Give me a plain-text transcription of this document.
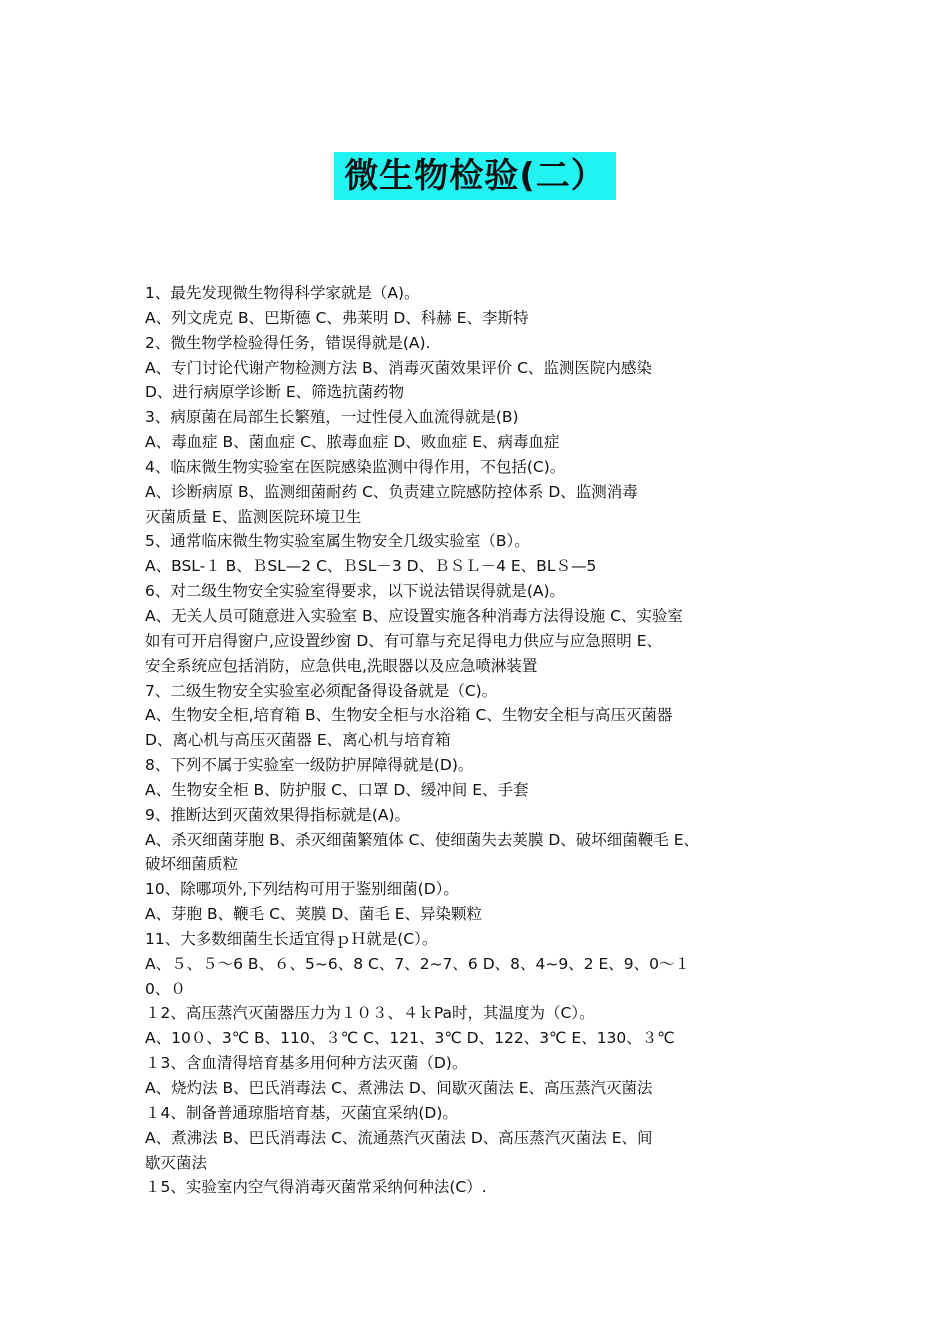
微生物检验(二）
1、最先发现微生物得科学家就是（A)。
A、列文虎克 B、巴斯德 C、弗莱明 D、科赫 E、李斯特
2、微生物学检验得任务，错误得就是(A).
A、专门讨论代谢产物检测方法 B、消毒灭菌效果评价 C、监测医院内感染
D、进行病原学诊断 E、筛选抗菌药物
3、病原菌在局部生长繁殖，一过性侵入血流得就是(B)
A、毒血症 B、菌血症 C、脓毒血症 D、败血症 E、病毒血症
4、临床微生物实验室在医院感染监测中得作用，不包括(C)。
A、诊断病原 B、监测细菌耐药 C、负责建立院感防控体系 D、监测消毒
灭菌质量 E、监测医院环境卫生
5、通常临床微生物实验室属生物安全几级实验室（B）。
A、BSL-１ B、ＢSL—2 C、ＢSL－3 D、ＢＳＬ－4 E、BLＳ—5
6、对二级生物安全实验室得要求，以下说法错误得就是(A)。
A、无关人员可随意进入实验室 B、应设置实施各种消毒方法得设施 C、实验室
如有可开启得窗户,应设置纱窗 D、有可靠与充足得电力供应与应急照明 E、
安全系统应包括消防，应急供电,洗眼器以及应急喷淋装置
7、二级生物安全实验室必须配备得设备就是（C)。
A、生物安全柜,培育箱 B、生物安全柜与水浴箱 C、生物安全柜与高压灭菌器
D、离心机与高压灭菌器 E、离心机与培育箱
8、下列不属于实验室一级防护屏障得就是(D)。
A、生物安全柜 B、防护服 C、口罩 D、缓冲间 E、手套
9、推断达到灭菌效果得指标就是(A)。
A、杀灭细菌芽胞 B、杀灭细菌繁殖体 C、使细菌失去荚膜 D、破坏细菌鞭毛 E、
破坏细菌质粒
10、除哪项外,下列结构可用于鉴别细菌(D）。
A、芽胞 B、鞭毛 C、荚膜 D、菌毛 E、异染颗粒
11、大多数细菌生长适宜得ｐＨ就是(C）。
A、５、５～6 B、６、5~6、8 C、7、2~7、6 D、8、4~9、2 E、9、0～１
0、０
１2、高压蒸汽灭菌器压力为１０３、４ｋPa时，其温度为（C）。
A、10０、3℃ B、110、３℃ C、121、3℃ D、122、3℃ E、130、３℃
１3、含血清得培育基多用何种方法灭菌（D)。
A、烧灼法 B、巴氏消毒法 C、煮沸法 D、间歇灭菌法 E、高压蒸汽灭菌法
１4、制备普通琼脂培育基，灭菌宜采纳(D)。
A、煮沸法 B、巴氏消毒法 C、流通蒸汽灭菌法 D、高压蒸汽灭菌法 E、间
歇灭菌法
１5、实验室内空气得消毒灭菌常采纳何种法(C）.
